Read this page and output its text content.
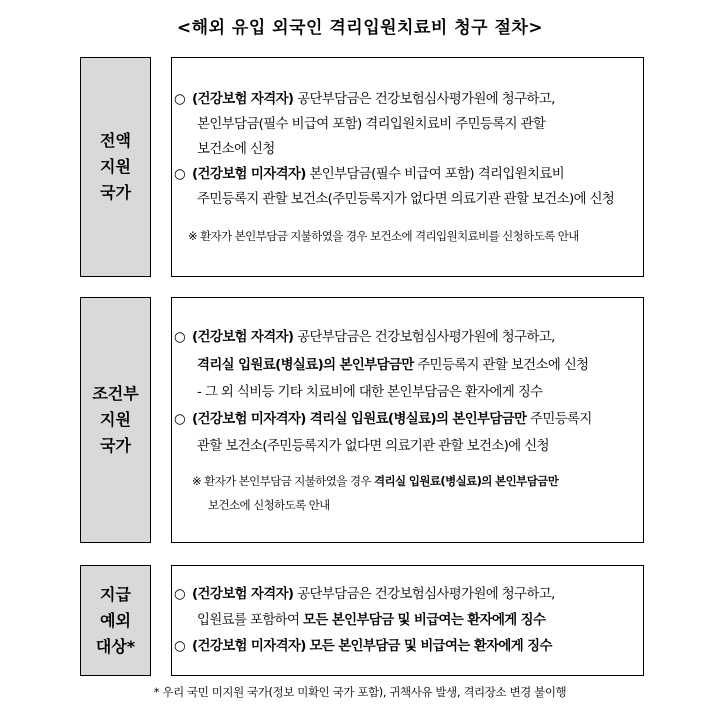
<해외 유입 외국인 격리입원치료비 청구 절차>
전액
지원
국가
○ (건강보험 자격자) 공단부담금은 건강보험심사평가원에 청구하고,
본인부담금(필수 비급여 포함) 격리입원치료비 주민등록지 관할
보건소에 신청
○ (건강보험 미자격자) 본인부담금(필수 비급여 포함) 격리입원치료비
주민등록지 관할 보건소(주민등록지가 없다면 의료기관 관할 보건소)에 신청
※ 환자가 본인부담금 지불하였을 경우 보건소에 격리입원치료비를 신청하도록 안내
조건부
지원
국가
○ (건강보험 자격자) 공단부담금은 건강보험심사평가원에 청구하고,
격리실 입원료(병실료)의 본인부담금만 주민등록지 관할 보건소에 신청
- 그 외 식비등 기타 치료비에 대한 본인부담금은 환자에게 징수
○ (건강보험 미자격자) 격리실 입원료(병실료)의 본인부담금만 주민등록지
관할 보건소(주민등록지가 없다면 의료기관 관할 보건소)에 신청
※ 환자가 본인부담금 지불하였을 경우 격리실 입원료(병실료)의 본인부담금만
보건소에 신청하도록 안내
지급
예외
대상*
○ (건강보험 자격자) 공단부담금은 건강보험심사평가원에 청구하고,
입원료를 포함하여 모든 본인부담금 및 비급여는 환자에게 징수
○ (건강보험 미자격자) 모든 본인부담금 및 비급여는 환자에게 징수
* 우리 국민 미지원 국가(정보 미확인 국가 포함), 귀책사유 발생, 격리장소 변경 불이행
